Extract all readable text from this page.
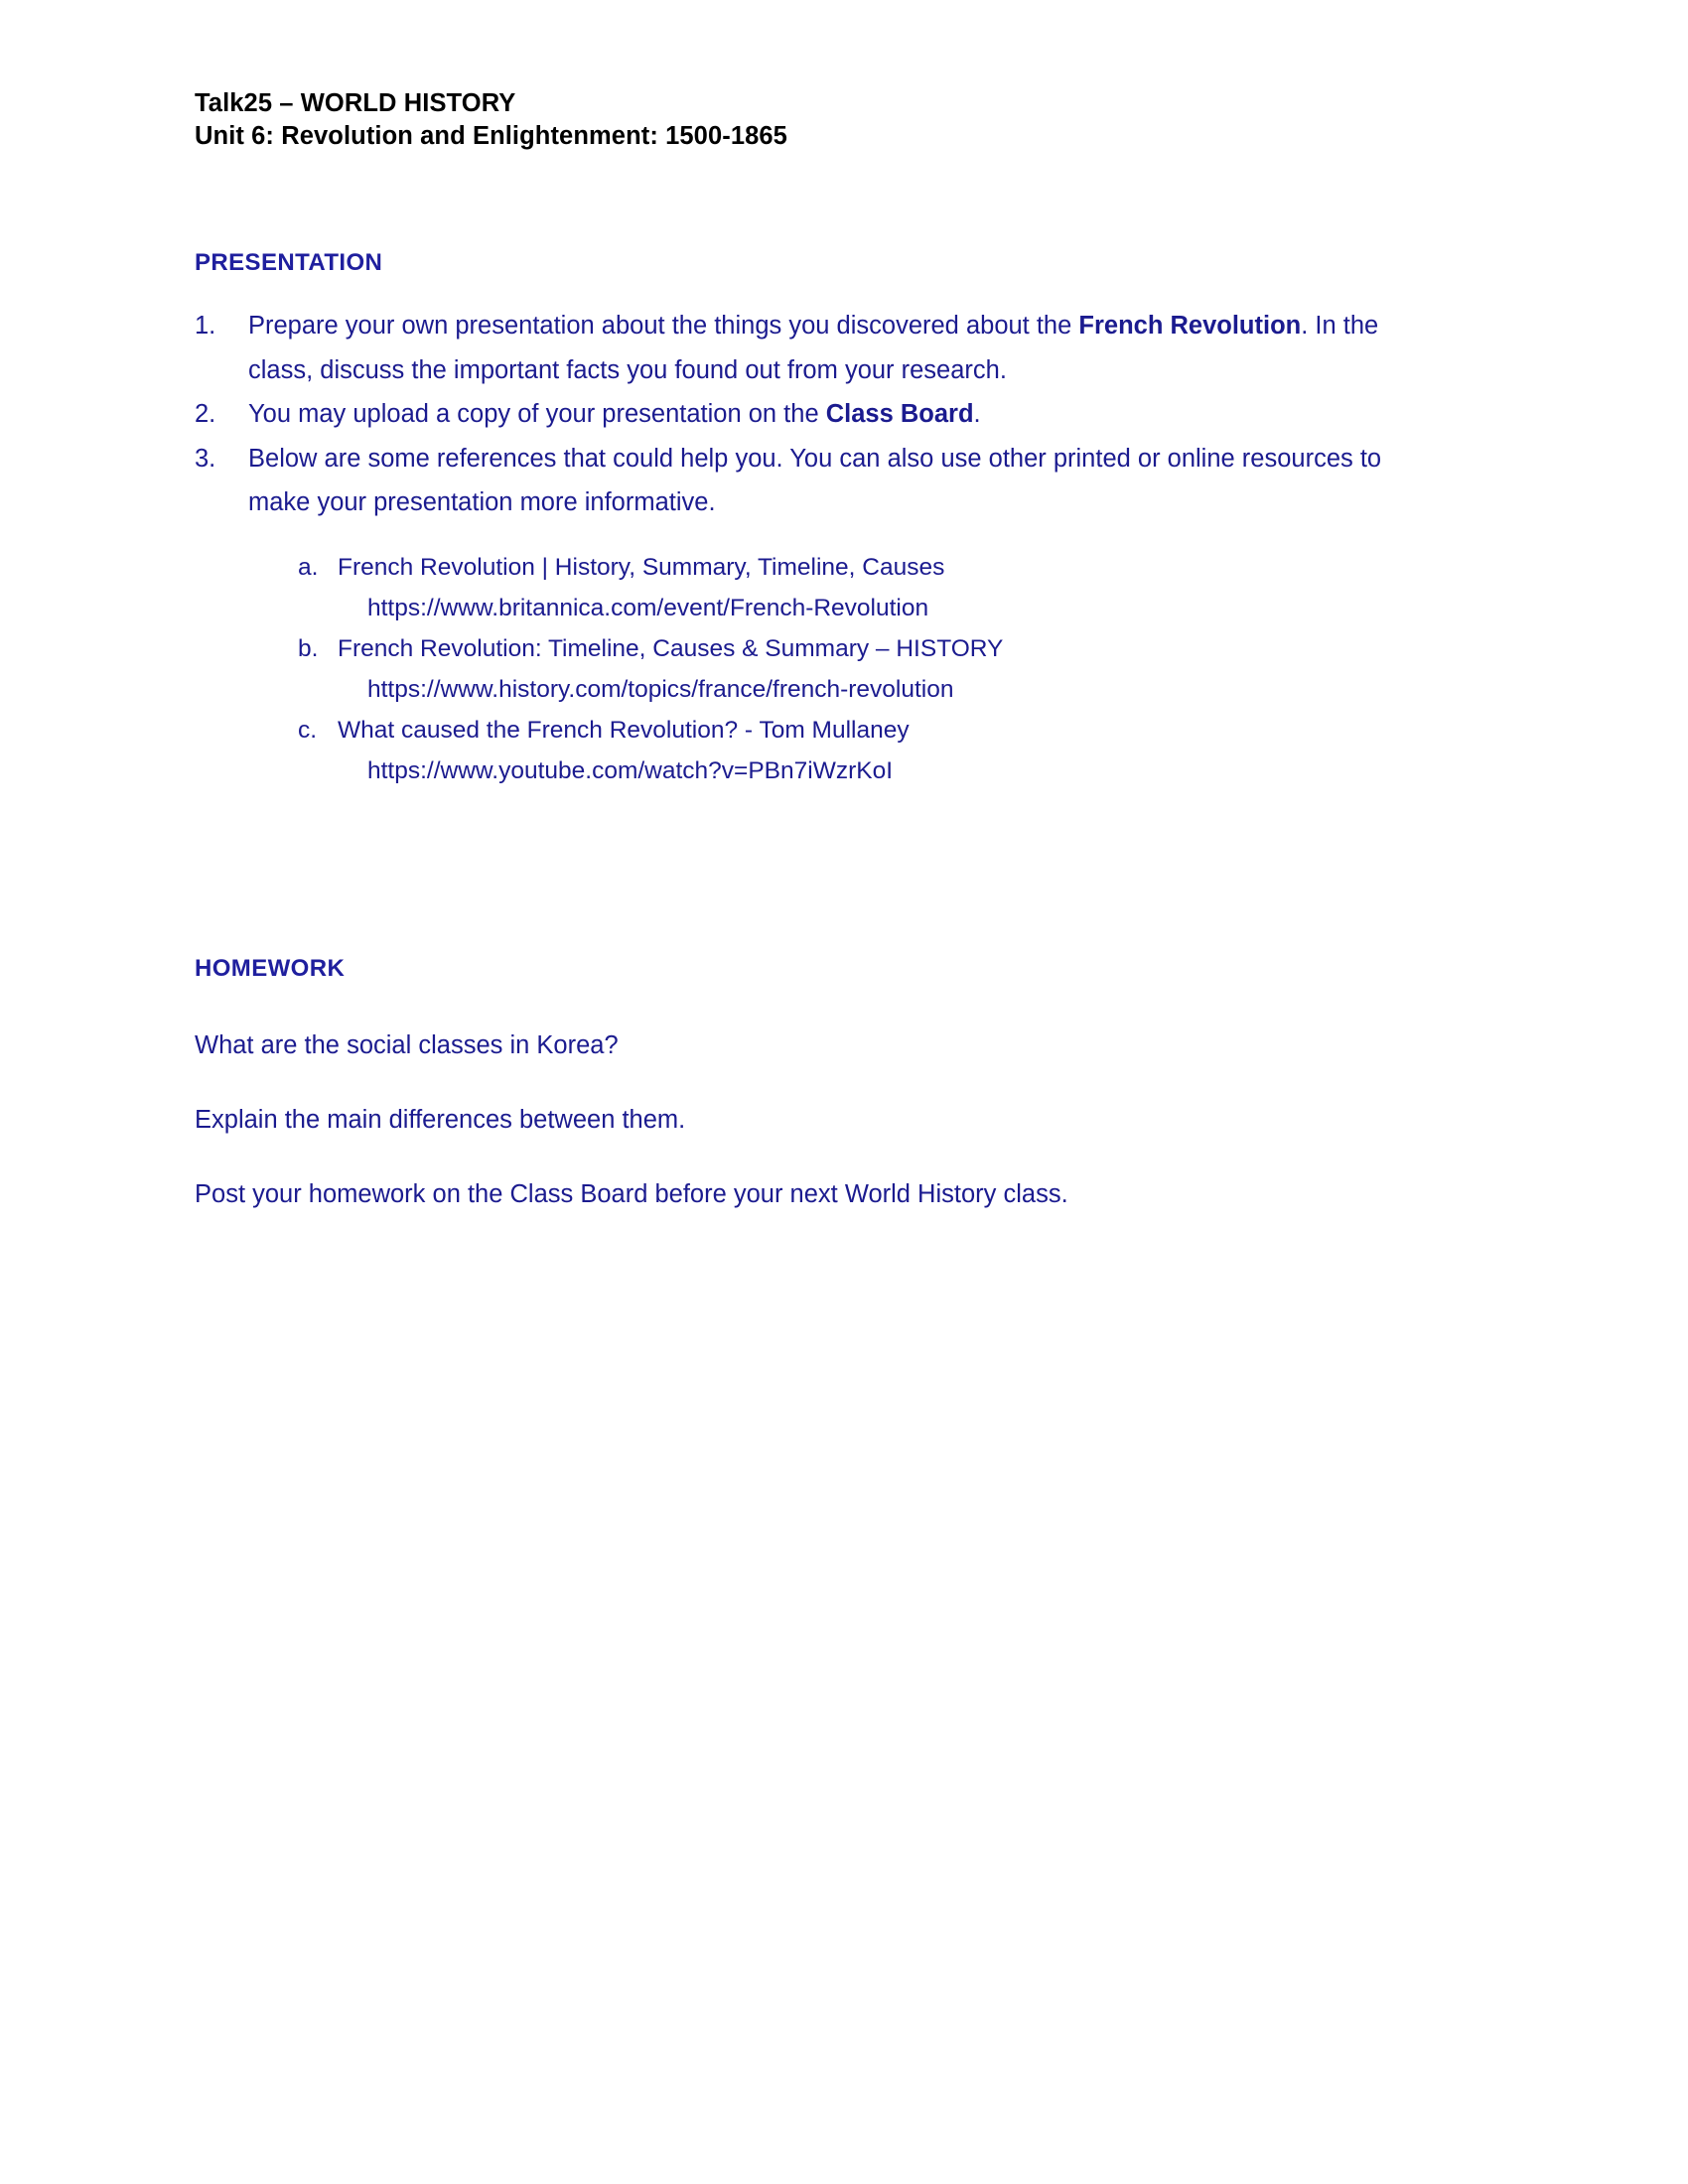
Talk25 – WORLD HISTORY
Unit 6: Revolution and Enlightenment: 1500-1865
PRESENTATION
1.	Prepare your own presentation about the things you discovered about the French Revolution. In the class, discuss the important facts you found out from your research.
2.	You may upload a copy of your presentation on the Class Board.
3.	Below are some references that could help you. You can also use other printed or online resources to make your presentation more informative.
a. French Revolution | History, Summary, Timeline, Causes
https://www.britannica.com/event/French-Revolution
b. French Revolution: Timeline, Causes & Summary – HISTORY
https://www.history.com/topics/france/french-revolution
c. What caused the French Revolution? - Tom Mullaney
https://www.youtube.com/watch?v=PBn7iWzrKoI
HOMEWORK

What are the social classes in Korea?

Explain the main differences between them.

Post your homework on the Class Board before your next World History class.
